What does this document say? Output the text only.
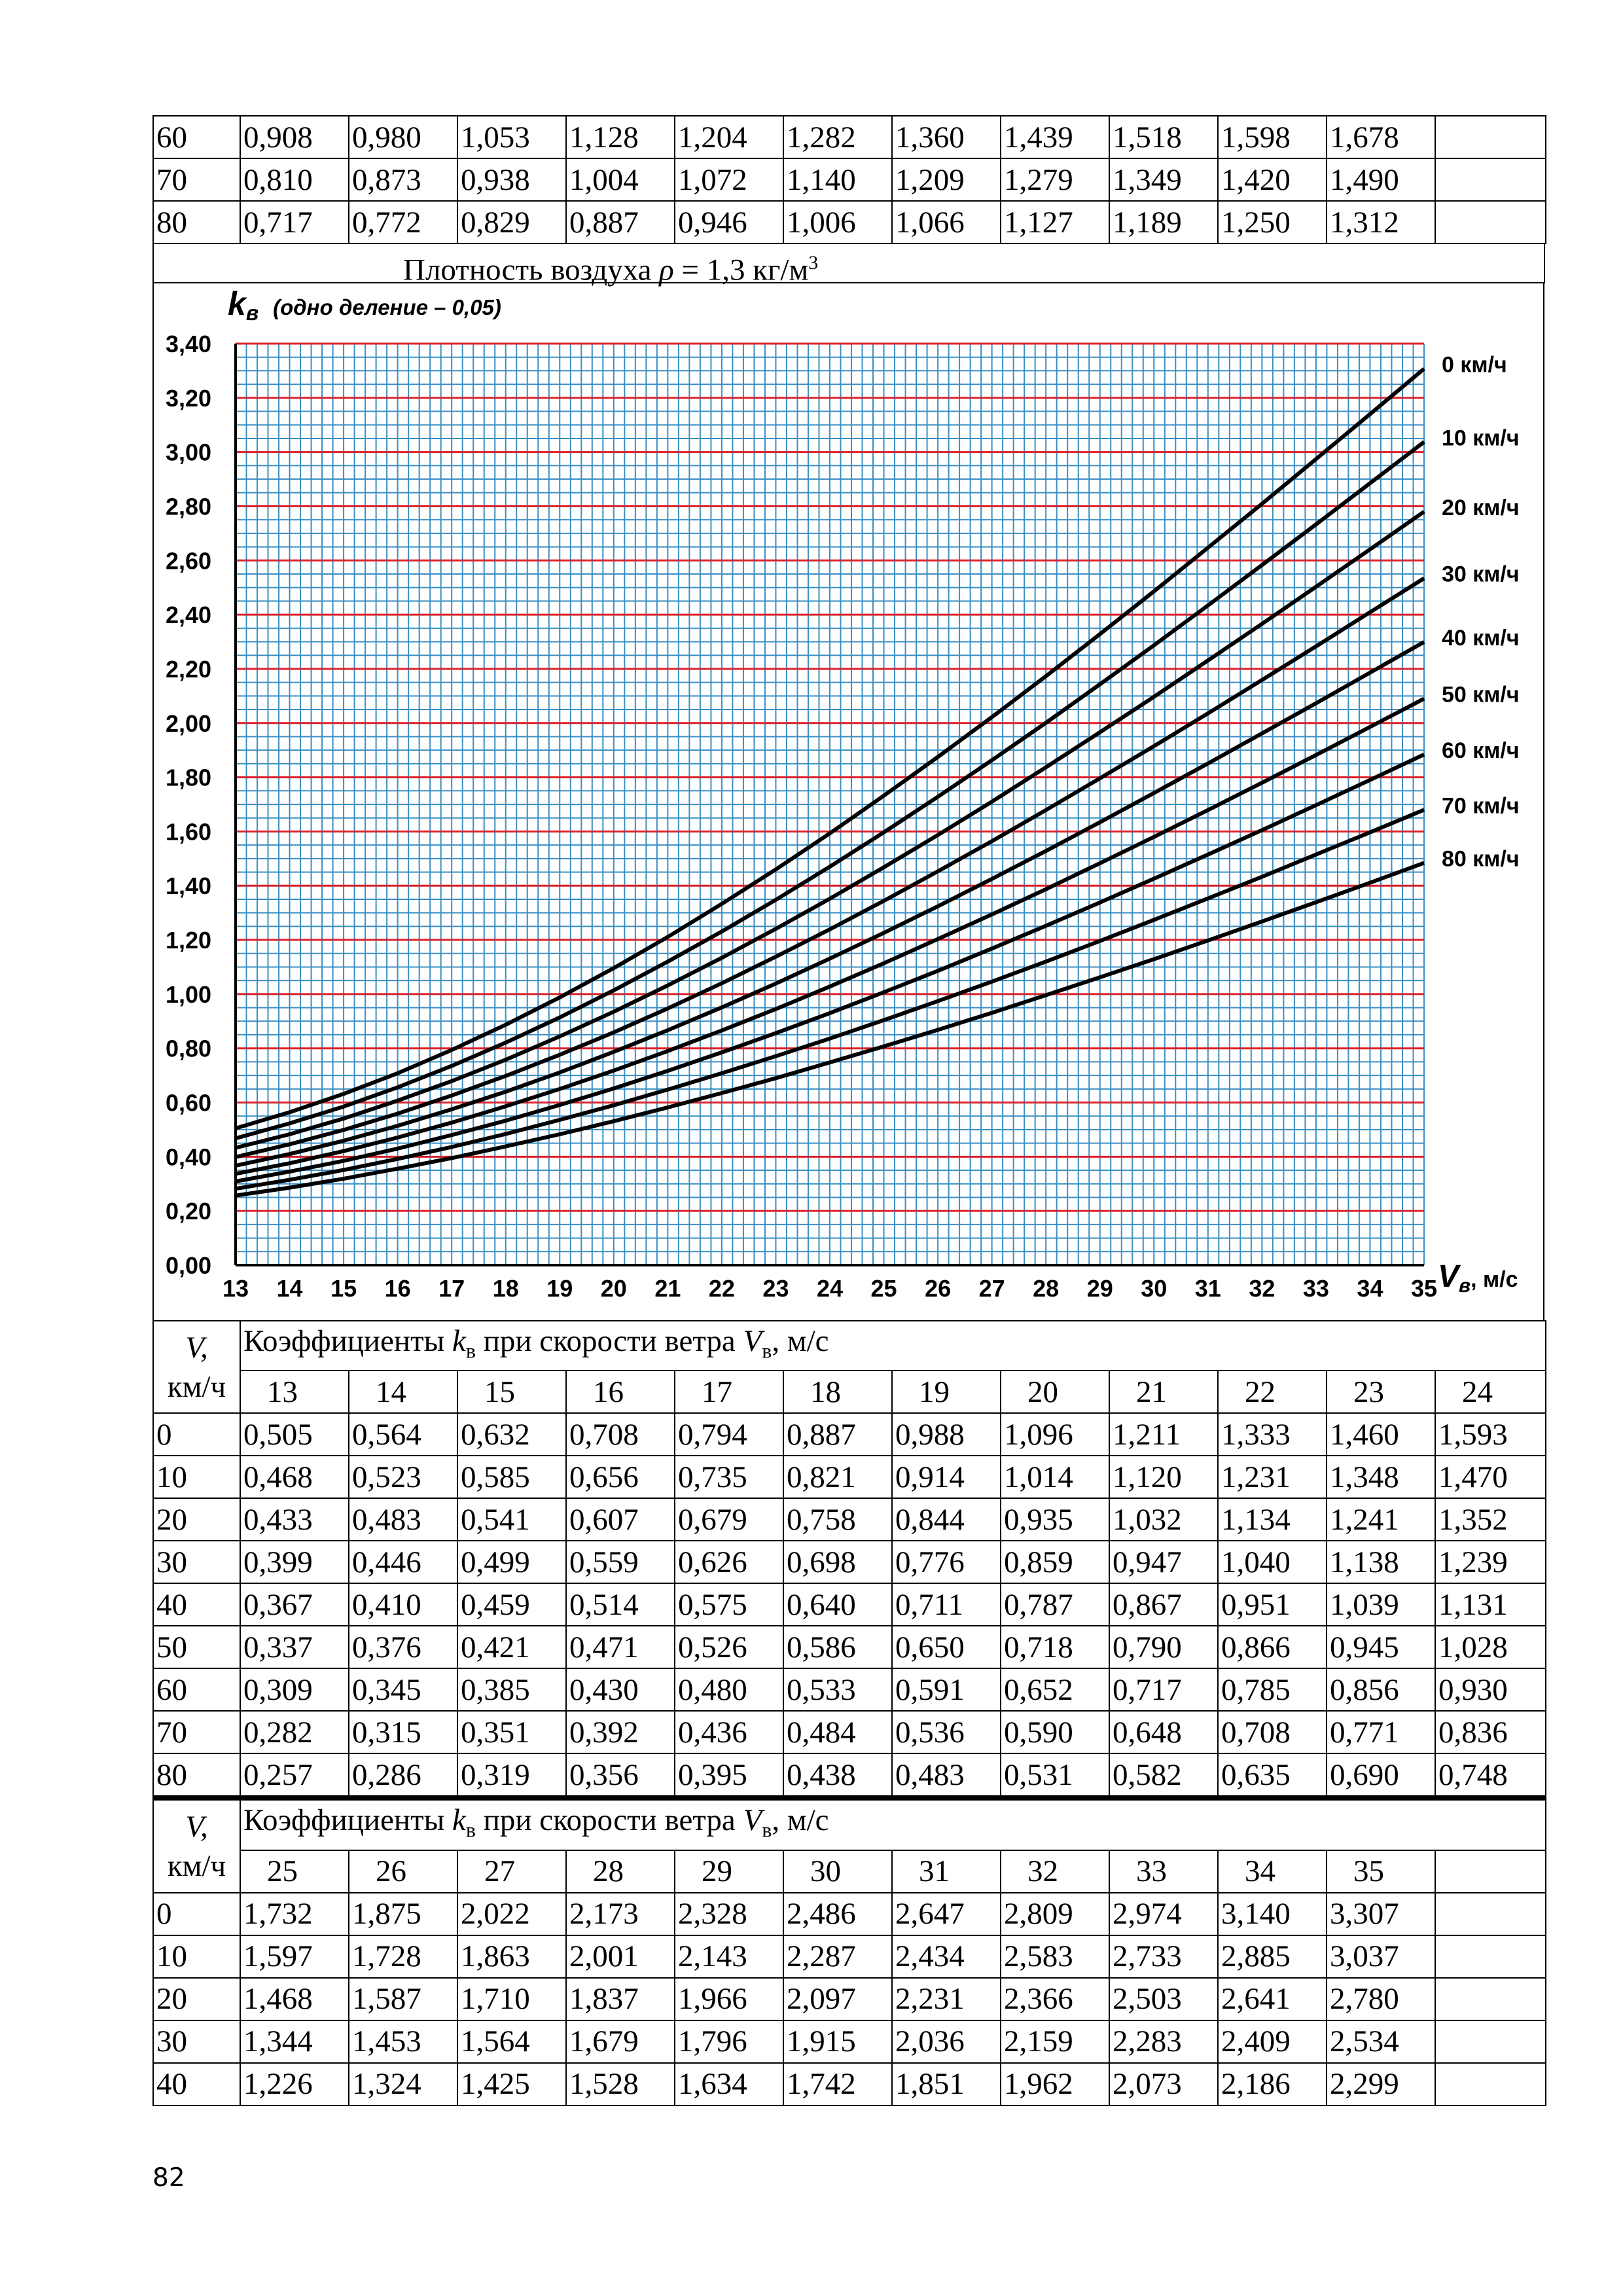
60	0,908	0,980	1,053	1,128	1,204	1,282	1,360	1,439	1,518	1,598	1,678	
70	0,810	0,873	0,938	1,004	1,072	1,140	1,209	1,279	1,349	1,420	1,490	
80	0,717	0,772	0,829	0,887	0,946	1,006	1,066	1,127	1,189	1,250	1,312	
Плотность воздуха ρ = 1,3 $кг/м^3$
0,00
0,20
0,40
0,60
0,80
1,00
1,20
1,40
1,60
1,80
2,00
2,20
2,40
2,60
2,80
3,00
3,20
3,40
13 14 15 16 17 18 19 20 21 22 23 24 25 26 27 28 29 30 31 32 33 34 35
kв (одно деление – 0,05)
Vв, м/с
0 км/ч
10 км/ч
20 км/ч
30 км/ч
40 км/ч
50 км/ч
60 км/ч
70 км/ч
80 км/ч
V,
км/ч	Коэффициенты $k_в$ при скорости ветра $V_в$, м/с											
	13	14	15	16	17	18	19	20	21	22	23	24
0	0,505	0,564	0,632	0,708	0,794	0,887	0,988	1,096	1,211	1,333	1,460	1,593
10	0,468	0,523	0,585	0,656	0,735	0,821	0,914	1,014	1,120	1,231	1,348	1,470
20	0,433	0,483	0,541	0,607	0,679	0,758	0,844	0,935	1,032	1,134	1,241	1,352
30	0,399	0,446	0,499	0,559	0,626	0,698	0,776	0,859	0,947	1,040	1,138	1,239
40	0,367	0,410	0,459	0,514	0,575	0,640	0,711	0,787	0,867	0,951	1,039	1,131
50	0,337	0,376	0,421	0,471	0,526	0,586	0,650	0,718	0,790	0,866	0,945	1,028
60	0,309	0,345	0,385	0,430	0,480	0,533	0,591	0,652	0,717	0,785	0,856	0,930
70	0,282	0,315	0,351	0,392	0,436	0,484	0,536	0,590	0,648	0,708	0,771	0,836
80	0,257	0,286	0,319	0,356	0,395	0,438	0,483	0,531	0,582	0,635	0,690	0,748
V,
км/ч	Коэффициенты $k_в$ при скорости ветра $V_в$, м/с											
	25	26	27	28	29	30	31	32	33	34	35	
0	1,732	1,875	2,022	2,173	2,328	2,486	2,647	2,809	2,974	3,140	3,307	
10	1,597	1,728	1,863	2,001	2,143	2,287	2,434	2,583	2,733	2,885	3,037	
20	1,468	1,587	1,710	1,837	1,966	2,097	2,231	2,366	2,503	2,641	2,780	
30	1,344	1,453	1,564	1,679	1,796	1,915	2,036	2,159	2,283	2,409	2,534	
40	1,226	1,324	1,425	1,528	1,634	1,742	1,851	1,962	2,073	2,186	2,299	
82
